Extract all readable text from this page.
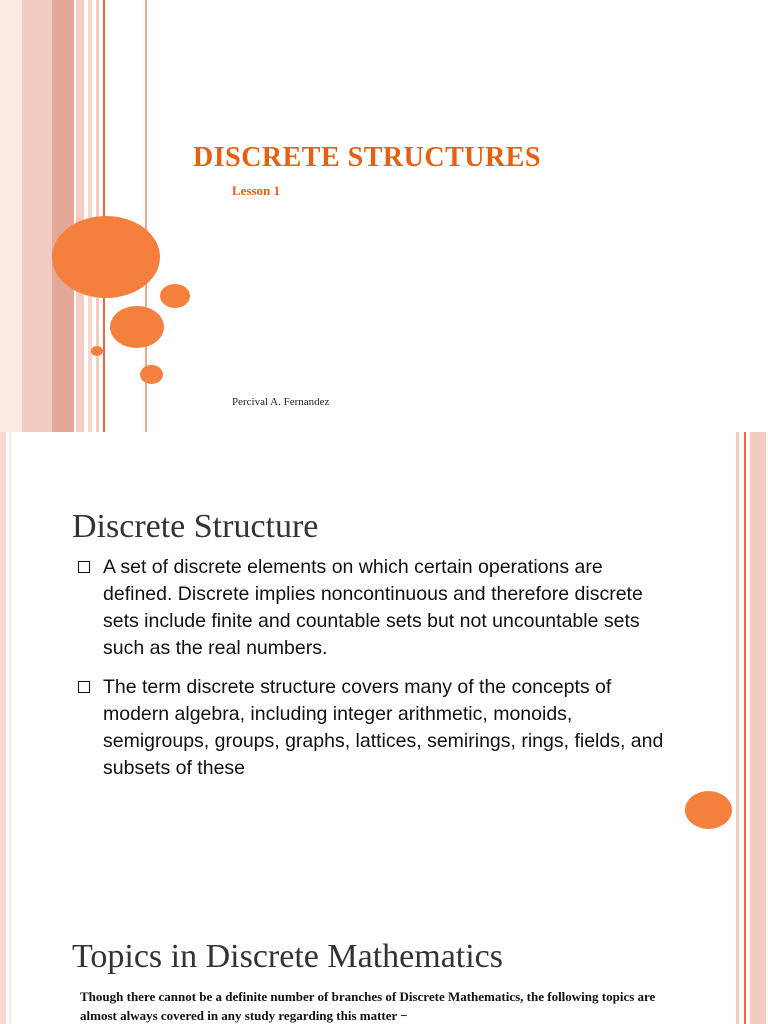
DISCRETE STRUCTURES
Lesson 1
Percival A. Fernandez
Discrete Structure
A set of discrete elements on which certain operations are defined. Discrete implies noncontinuous and therefore discrete sets include finite and countable sets but not uncountable sets such as the real numbers.
The term discrete structure covers many of the concepts of modern algebra, including integer arithmetic, monoids, semigroups, groups, graphs, lattices, semirings, rings, fields, and subsets of these
Topics in Discrete Mathematics
Though there cannot be a definite number of branches of Discrete Mathematics, the following topics are almost always covered in any study regarding this matter −
